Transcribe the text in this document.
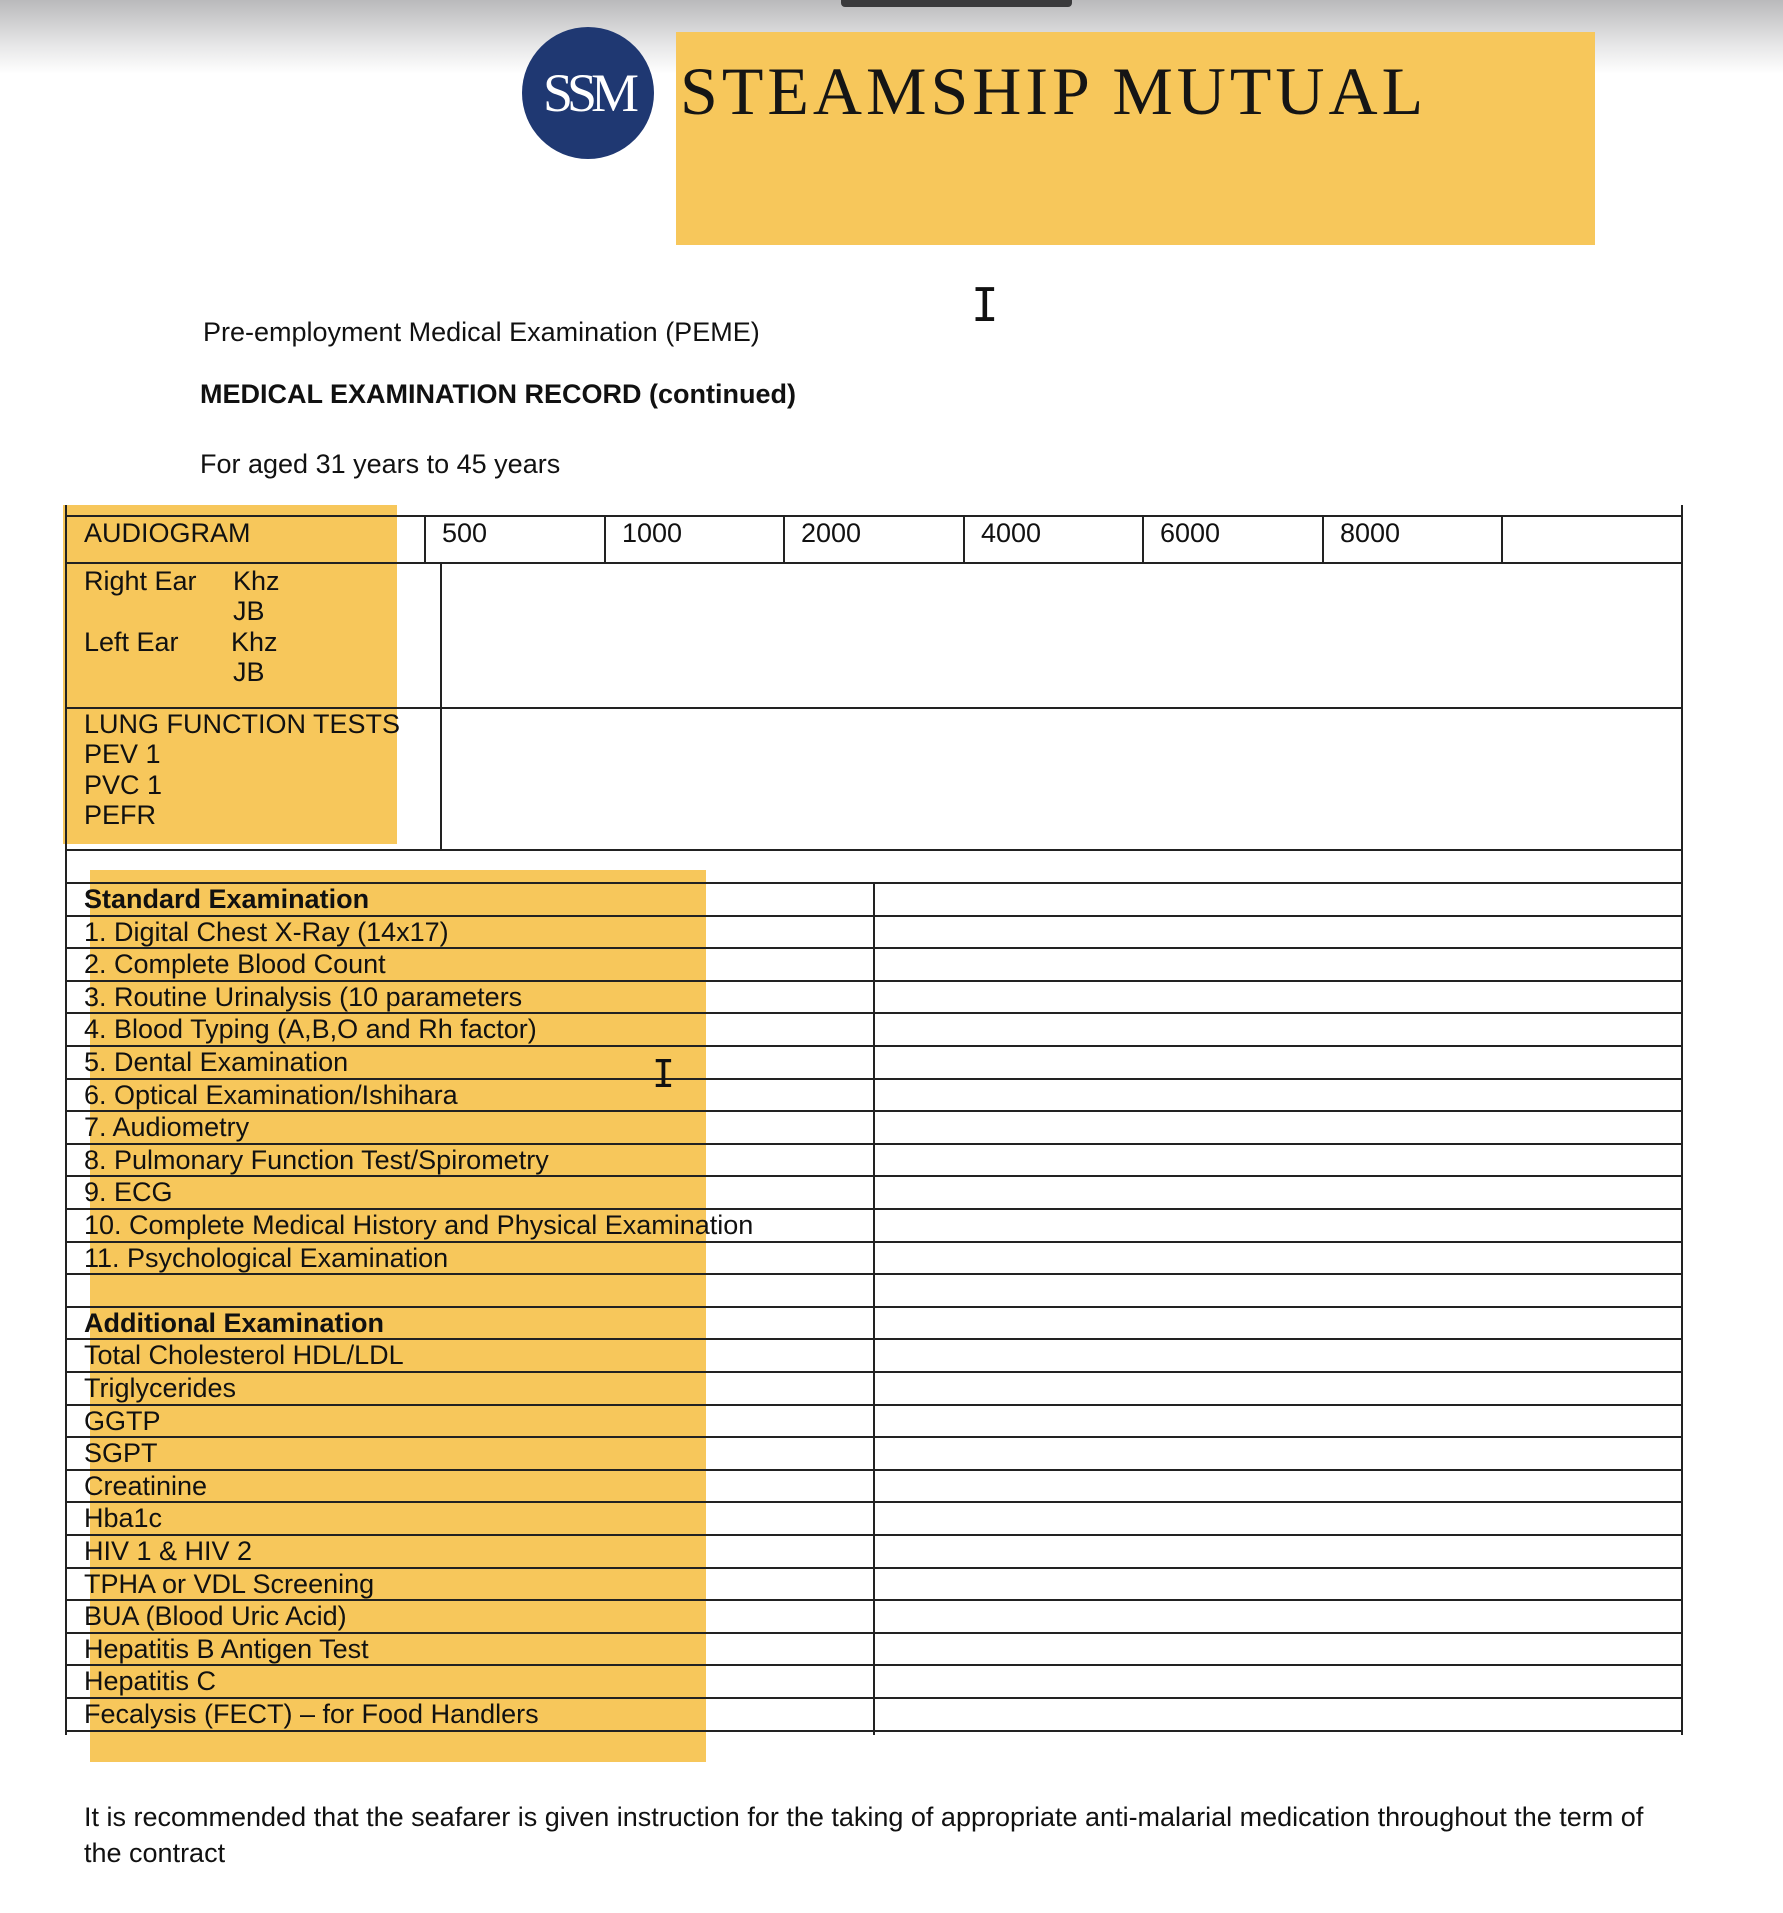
SSM STEAMSHIP MUTUAL
I
Pre-employment Medical Examination (PEME)
MEDICAL EXAMINATION RECORD (continued)
For aged 31 years to 45 years
AUDIOGRAM	500	1000	2000	4000	6000	8000
Right Ear Khz
JB
Left Ear Khz
JB
LUNG FUNCTION TESTS
PEV 1
PVC 1
PEFR
Standard Examination
1. Digital Chest X-Ray (14x17)
2. Complete Blood Count
3. Routine Urinalysis (10 parameters
4. Blood Typing (A,B,O and Rh factor)
5. Dental Examination
6. Optical Examination/Ishihara
7. Audiometry
8. Pulmonary Function Test/Spirometry
9. ECG
10. Complete Medical History and Physical Examination
11. Psychological Examination
Additional Examination
Total Cholesterol HDL/LDL
Triglycerides
GGTP
SGPT
Creatinine
Hba1c
HIV 1 & HIV 2
TPHA or VDL Screening
BUA (Blood Uric Acid)
Hepatitis B Antigen Test
Hepatitis C
Fecalysis (FECT) – for Food Handlers
I
It is recommended that the seafarer is given instruction for the taking of appropriate anti-malarial medication throughout the term of the contract
